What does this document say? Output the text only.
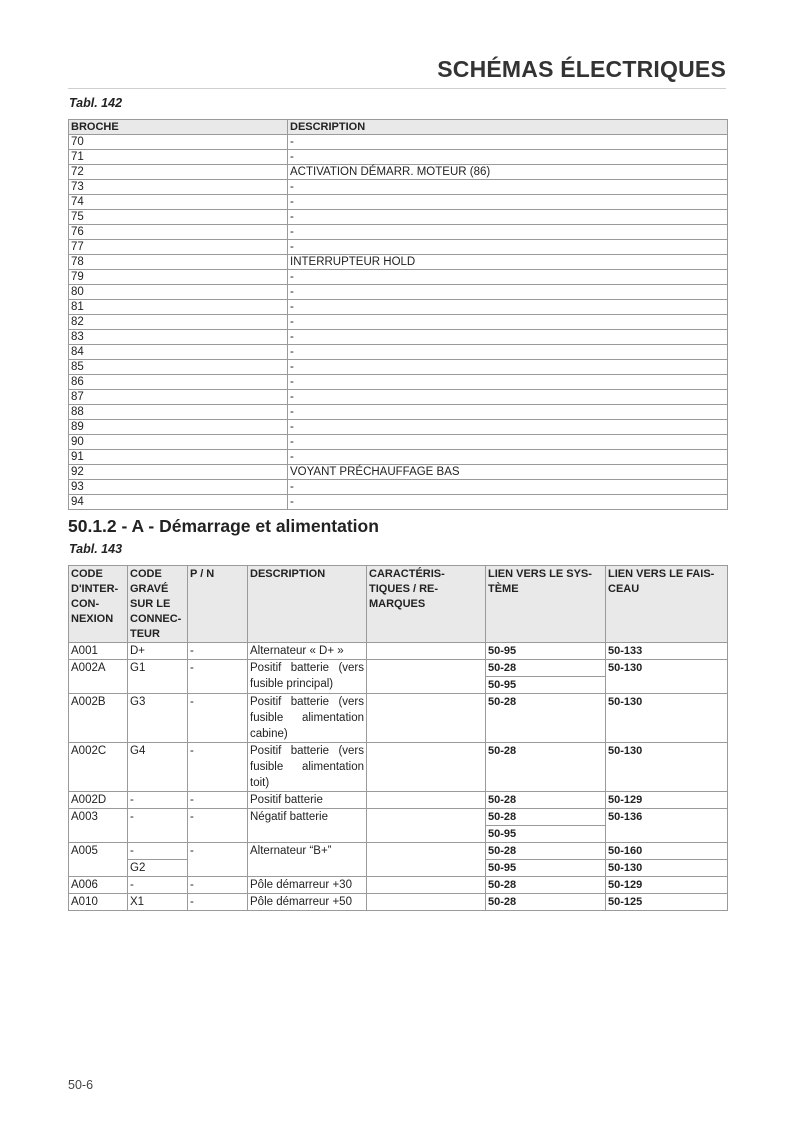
SCHÉMAS ÉLECTRIQUES
Tabl. 142
BROCHE	DESCRIPTION
70	-
71	-
72	ACTIVATION DÉMARR. MOTEUR (86)
73	-
74	-
75	-
76	-
77	-
78	INTERRUPTEUR HOLD
79	-
80	-
81	-
82	-
83	-
84	-
85	-
86	-
87	-
88	-
89	-
90	-
91	-
92	VOYANT PRÉCHAUFFAGE BAS
93	-
94	-
50.1.2 - A - Démarrage et alimentation
Tabl. 143
CODE D'INTER-CON-NEXION	CODE GRAVÉ SUR LE CONNEC-TEUR	P / N	DESCRIPTION	CARACTÉRIS-TIQUES / RE-MARQUES	LIEN VERS LE SYS-TÈME	LIEN VERS LE FAIS-CEAU
A001	D+	-	Alternateur « D+ »		50-95	50-133
A002A	G1	-	Positif batterie (vers fusible principal)		50-28	50-130
					50-95	
A002B	G3	-	Positif batterie (vers fusible alimentation cabine)		50-28	50-130
A002C	G4	-	Positif batterie (vers fusible alimentation toit)		50-28	50-130
A002D	-	-	Positif batterie		50-28	50-129
A003	-	-	Négatif batterie		50-28	50-136
					50-95	
A005	-	-	Alternateur “B+”		50-28	50-160
	G2				50-95	50-130
A006	-	-	Pôle démarreur +30		50-28	50-129
A010	X1	-	Pôle démarreur +50		50-28	50-125
50-6
